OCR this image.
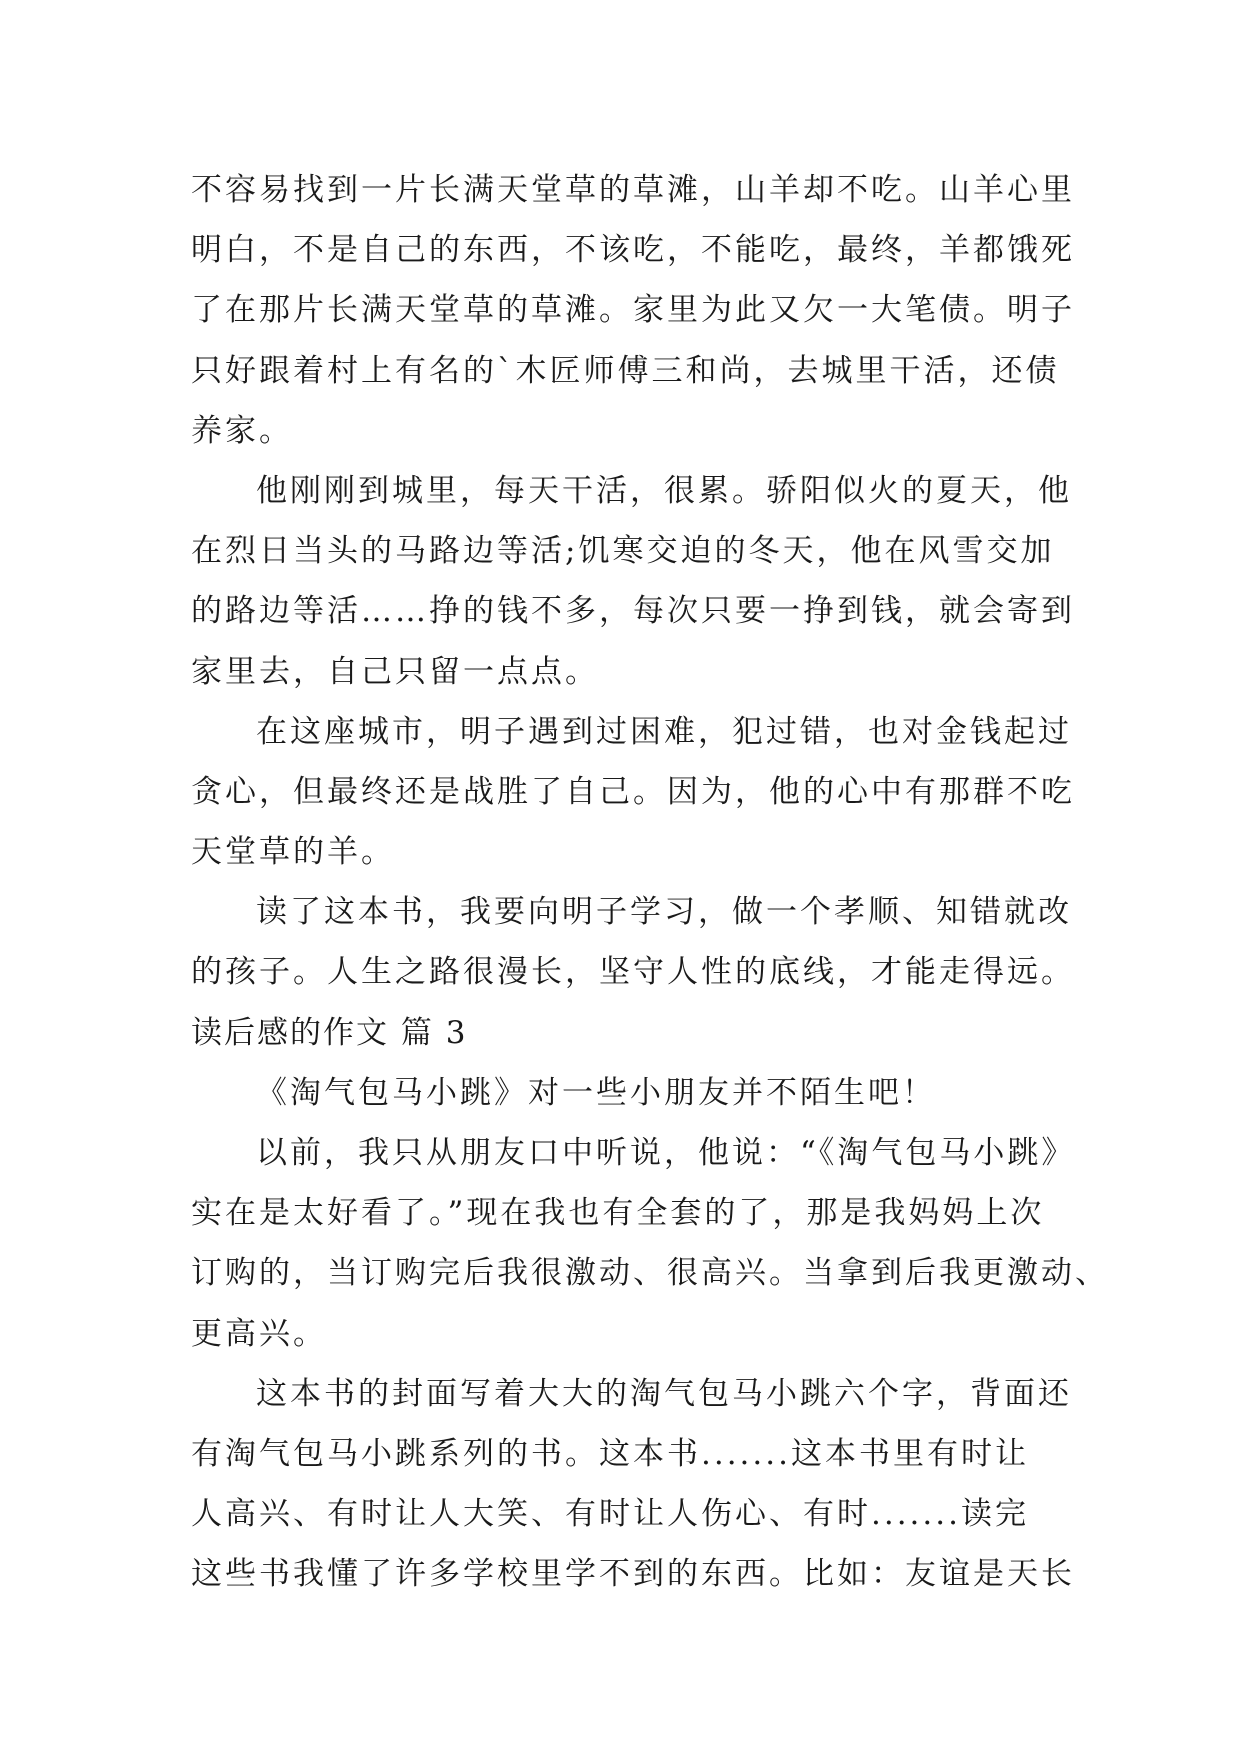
不容易找到一片长满天堂草的草滩，山羊却不吃。山羊心里
明白，不是自己的东西，不该吃，不能吃，最终，羊都饿死
了在那片长满天堂草的草滩。家里为此又欠一大笔债。明子
只好跟着村上有名的`木匠师傅三和尚，去城里干活，还债
养家。
他刚刚到城里，每天干活，很累。骄阳似火的夏天，他
在烈日当头的马路边等活;饥寒交迫的冬天，他在风雪交加
的路边等活……挣的钱不多，每次只要一挣到钱，就会寄到
家里去，自己只留一点点。
在这座城市，明子遇到过困难，犯过错，也对金钱起过
贪心，但最终还是战胜了自己。因为，他的心中有那群不吃
天堂草的羊。
读了这本书，我要向明子学习，做一个孝顺、知错就改
的孩子。人生之路很漫长，坚守人性的底线，才能走得远。
读后感的作文 篇 3
《淘气包马小跳》对一些小朋友并不陌生吧！
以前，我只从朋友口中听说，他说：“《淘气包马小跳》
实在是太好看了。”现在我也有全套的了，那是我妈妈上次
订购的，当订购完后我很激动、很高兴。当拿到后我更激动、
更高兴。
这本书的封面写着大大的淘气包马小跳六个字，背面还
有淘气包马小跳系列的书。这本书.......这本书里有时让
人高兴、有时让人大笑、有时让人伤心、有时.......读完
这些书我懂了许多学校里学不到的东西。比如：友谊是天长
